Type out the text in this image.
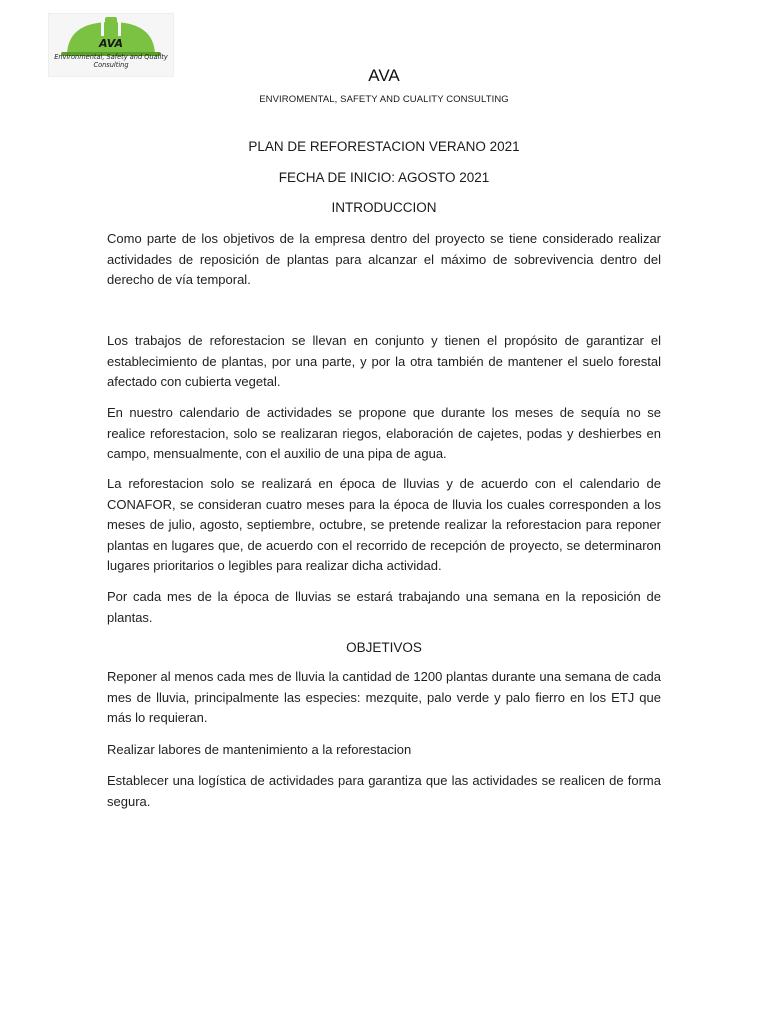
AVA
Environmental, Safety and Quality
Consulting
AVA
ENVIROMENTAL, SAFETY AND CUALITY CONSULTING
PLAN DE REFORESTACION VERANO 2021
FECHA DE INICIO: AGOSTO 2021
INTRODUCCION

Como parte de los objetivos de la empresa dentro del proyecto se tiene considerado realizar actividades de reposición de plantas para alcanzar el máximo de sobrevivencia dentro del derecho de vía temporal.

Los trabajos de reforestacion se llevan en conjunto y tienen el propósito de garantizar el establecimiento de plantas, por una parte, y por la otra también de mantener el suelo forestal afectado con cubierta vegetal.

En nuestro calendario de actividades se propone que durante los meses de sequía no se realice reforestacion, solo se realizaran riegos, elaboración de cajetes, podas y deshierbes en campo, mensualmente, con el auxilio de una pipa de agua.

La reforestacion solo se realizará en época de lluvias y de acuerdo con el calendario de CONAFOR, se consideran cuatro meses para la época de lluvia los cuales corresponden a los meses de julio, agosto, septiembre, octubre, se pretende realizar la reforestacion para reponer plantas en lugares que, de acuerdo con el recorrido de recepción de proyecto, se determinaron lugares prioritarios o legibles para realizar dicha actividad.

Por cada mes de la época de lluvias se estará trabajando una semana en la reposición de plantas.

OBJETIVOS

Reponer al menos cada mes de lluvia la cantidad de 1200 plantas durante una semana de cada mes de lluvia, principalmente las especies: mezquite, palo verde y palo fierro en los ETJ que más lo requieran.

Realizar labores de mantenimiento a la reforestacion

Establecer una logística de actividades para garantiza que las actividades se realicen de forma segura.
